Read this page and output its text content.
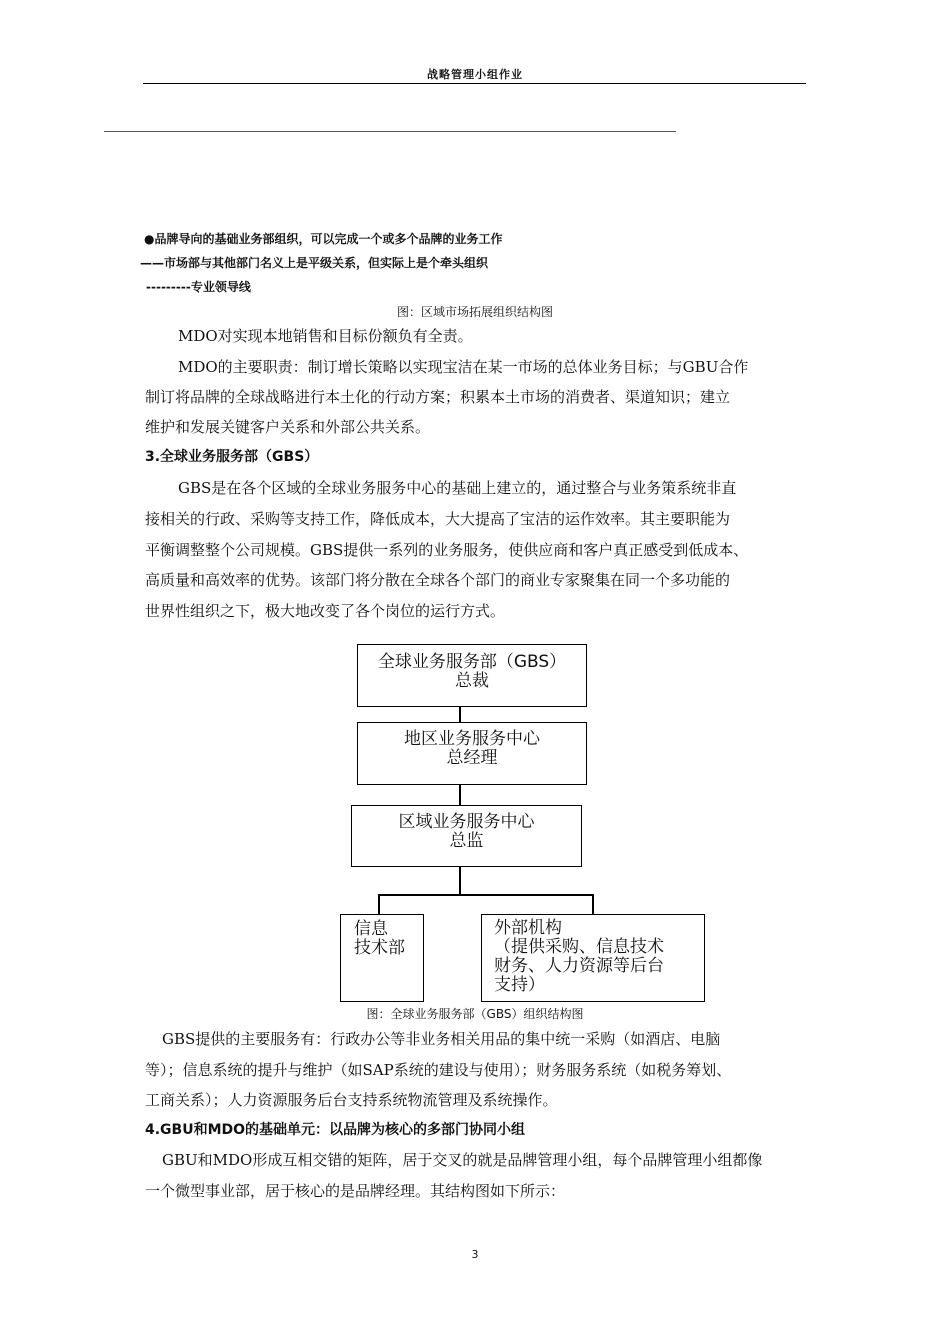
战略管理小组作业
●品牌导向的基础业务部组织，可以完成一个或多个品牌的业务工作
——市场部与其他部门名义上是平级关系，但实际上是个牵头组织
---------专业领导线
图：区域市场拓展组织结构图
MDO对实现本地销售和目标份额负有全责。
MDO的主要职责：制订增长策略以实现宝洁在某一市场的总体业务目标；与GBU合作
制订将品牌的全球战略进行本土化的行动方案；积累本土市场的消费者、渠道知识；建立
维护和发展关键客户关系和外部公共关系。
3.全球业务服务部（GBS）
GBS是在各个区域的全球业务服务中心的基础上建立的，通过整合与业务策系统非直
接相关的行政、采购等支持工作，降低成本，大大提高了宝洁的运作效率。其主要职能为
平衡调整整个公司规模。GBS提供一系列的业务服务，使供应商和客户真正感受到低成本、
高质量和高效率的优势。该部门将分散在全球各个部门的商业专家聚集在同一个多功能的
世界性组织之下，极大地改变了各个岗位的运行方式。
全球业务服务部（GBS）
总裁
地区业务服务中心
总经理
区域业务服务中心
总监
信息
技术部
外部机构
（提供采购、信息技术
财务、人力资源等后台
支持）
图：全球业务服务部（GBS）组织结构图
GBS提供的主要服务有：行政办公等非业务相关用品的集中统一采购（如酒店、电脑
等）；信息系统的提升与维护（如SAP系统的建设与使用）；财务服务系统（如税务筹划、
工商关系）；人力资源服务后台支持系统物流管理及系统操作。
4.GBU和MDO的基础单元：以品牌为核心的多部门协同小组
GBU和MDO形成互相交错的矩阵，居于交叉的就是品牌管理小组，每个品牌管理小组都像
一个微型事业部，居于核心的是品牌经理。其结构图如下所示：
3
